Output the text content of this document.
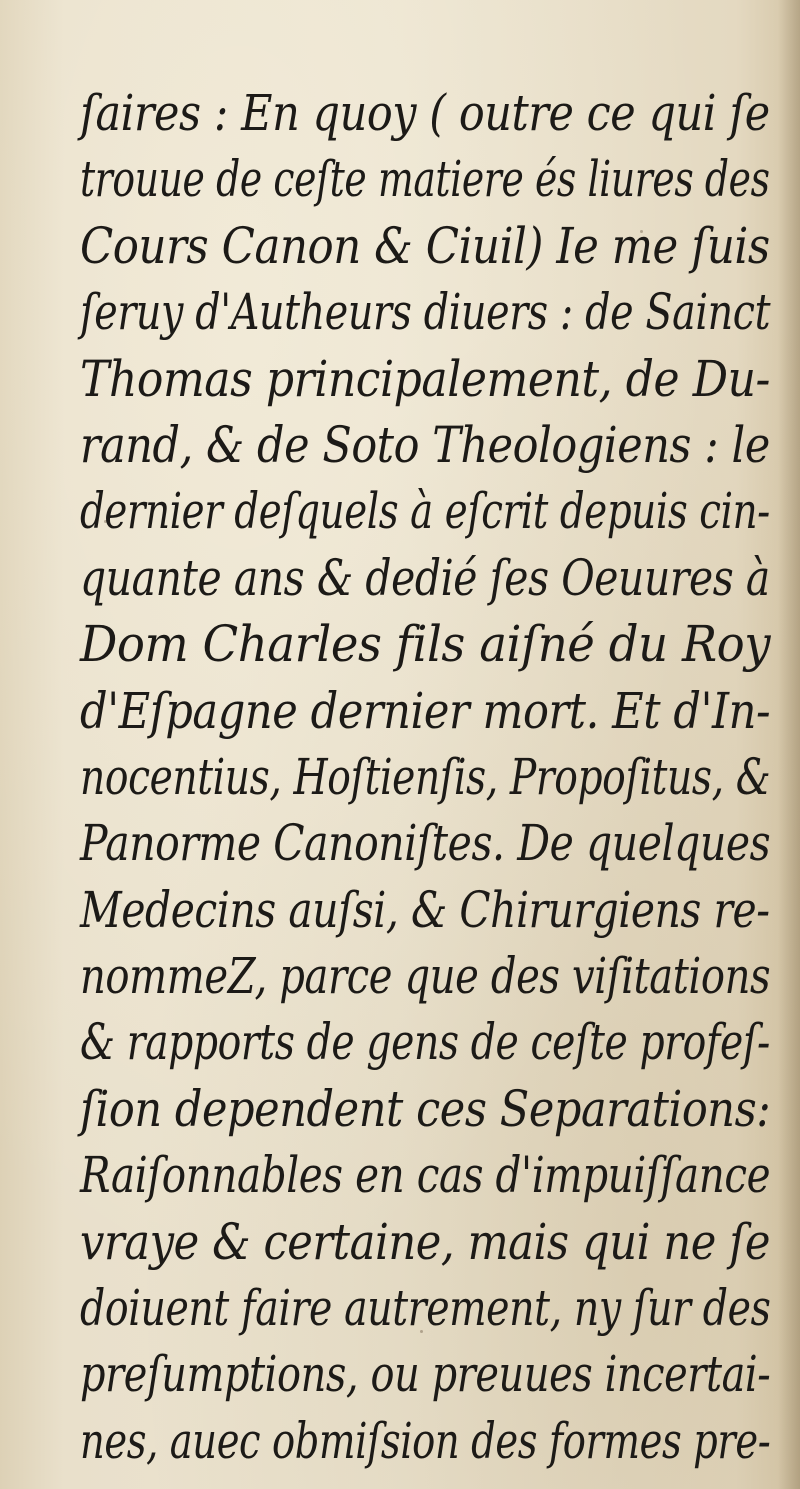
ſaires : En quoy ( outre ce qui ſe
trouue de ceſte matiere és liures des
Cours Canon & Ciuil) Ie me ſuis
ſeruy d'Autheurs diuers : de Sainct
Thomas principalement, de Du-
rand, & de Soto Theologiens : le
dernier deſquels à eſcrit depuis cin-
quante ans & dedié ſes Oeuures à
Dom Charles fils aiſné du Roy
d'Eſpagne dernier mort. Et d'In-
nocentius, Hoſtienſis, Propoſitus, &
Panorme Canoniſtes. De quelques
Medecins auſsi, & Chirurgiens re-
nommeZ, parce que des viſitations
& rapports de gens de ceſte profeſ-
ſion dependent ces Separations:
Raiſonnables en cas d'impuiſſance
vraye & certaine, mais qui ne ſe
doiuent faire autrement, ny ſur des
preſumptions, ou preuues incertai-
nes, auec obmiſsion des formes pre-
